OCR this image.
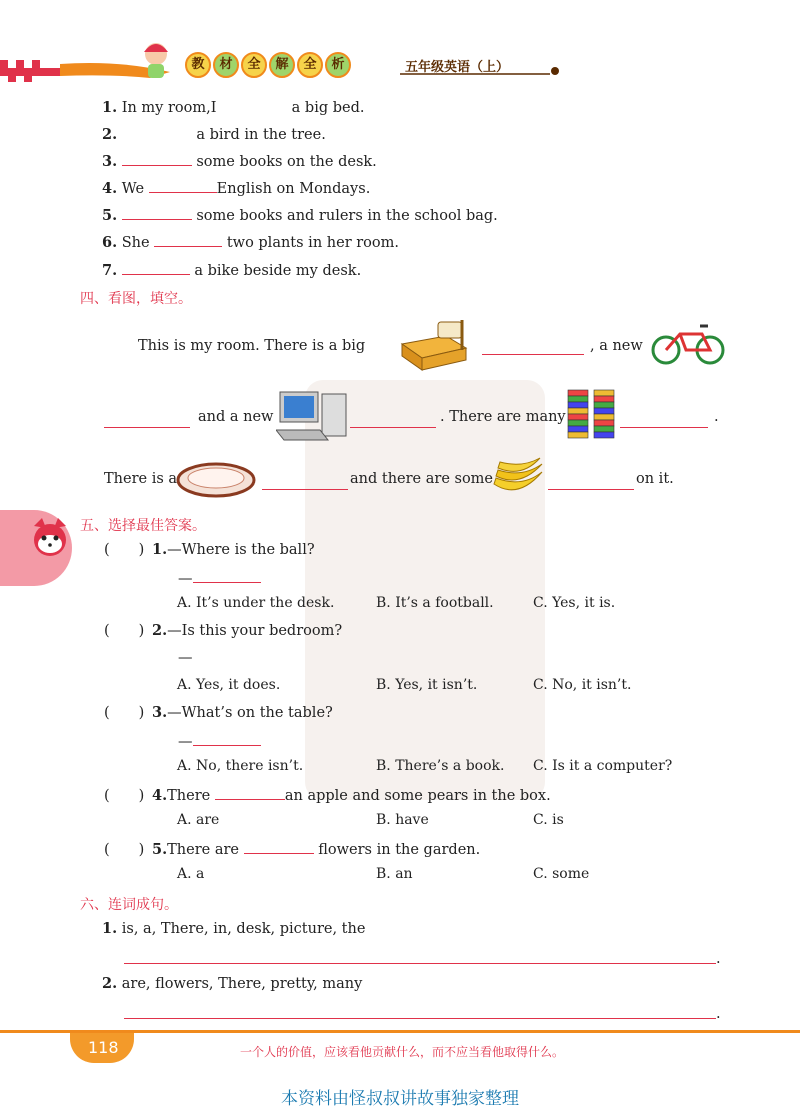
教 材 全 解 全 析	五年级英语（上）
1. In my room,I	a big bed.
2.	a bird in the tree.
3.	some books on the desk.
4. We	English on Mondays.
5.	some books and rulers in the school bag.
6. She	two plants in her room.
7.	a bike beside my desk.
四、看图，填空。
This is my room. There is a big	, a new
and a new	. There are many	.
There is a	and there are some	on it.
五、选择最佳答案。
(　　) 1.—Where is the ball?
—
A. It’s under the desk.	B. It’s a football.	C. Yes, it is.
(　　) 2.—Is this your bedroom?
—
A. Yes, it does.	B. Yes, it isn’t.	C. No, it isn’t.
(　　) 3.—What’s on the table?
—
A. No, there isn’t.	B. There’s a book. C. Is it a computer?
(　　) 4.There	an apple and some pears in the box.
A. are	B. have	C. is
(　　) 5.There are	flowers in the garden.
A. a	B. an	C. some
六、连词成句。
1. is, a, There, in, desk, picture, the
.
2. are, flowers, There, pretty, many
.
118	一个人的价值，应该看他贡献什么，而不应当看他取得什么。
本资料由怪叔叔讲故事独家整理
